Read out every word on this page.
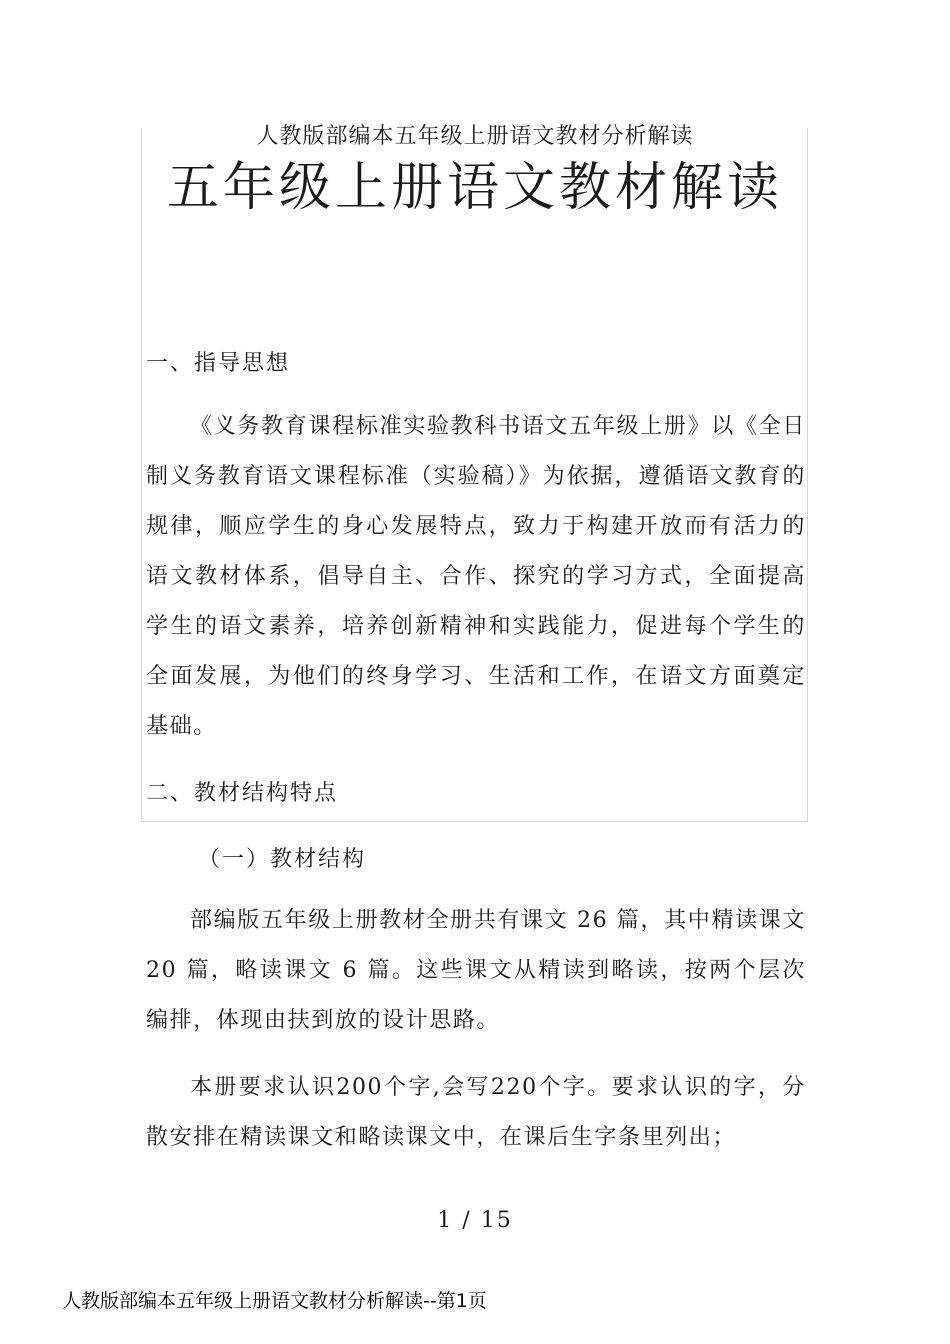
人教版部编本五年级上册语文教材分析解读
五年级上册语文教材解读
一、指导思想

《义务教育课程标准实验教科书语文五年级上册》以《全日制义务教育语文课程标准（实验稿）》为依据，遵循语文教育的规律，顺应学生的身心发展特点，致力于构建开放而有活力的语文教材体系，倡导自主、合作、探究的学习方式，全面提高学生的语文素养，培养创新精神和实践能力，促进每个学生的全面发展，为他们的终身学习、生活和工作，在语文方面奠定基础。

二、教材结构特点
（一）教材结构

部编版五年级上册教材全册共有课文 26 篇，其中精读课文 20 篇，略读课文 6 篇。这些课文从精读到略读，按两个层次编排，体现由扶到放的设计思路。

本册要求认识200个字,会写220个字。要求认识的字，分散安排在精读课文和略读课文中，在课后生字条里列出；

1 / 15
人教版部编本五年级上册语文教材分析解读--第1页
